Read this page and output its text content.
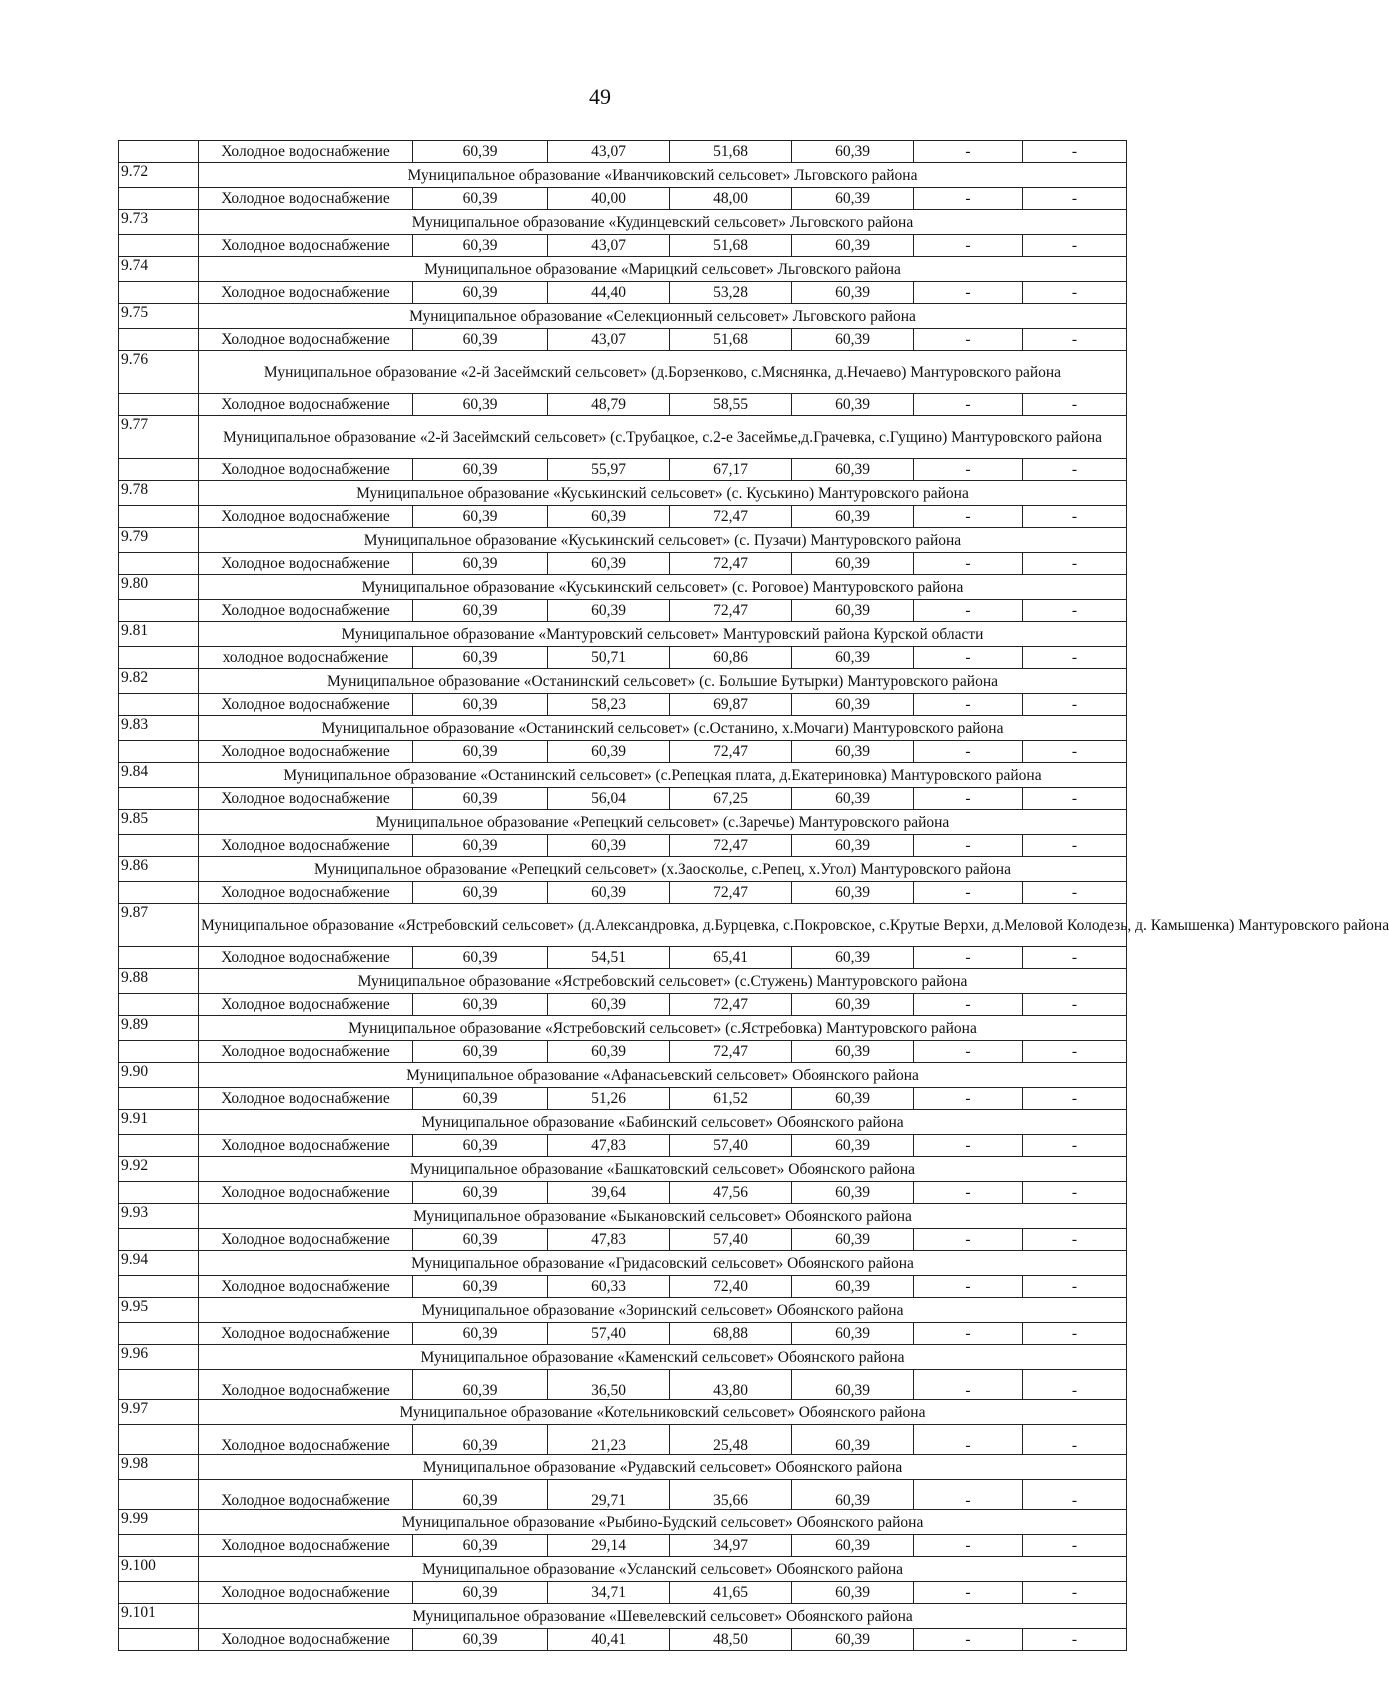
49
	Холодное водоснабжение	60,39	43,07	51,68	60,39	-	-
9.72	Муниципальное образование «Иванчиковский сельсовет» Льговского района						
	Холодное водоснабжение	60,39	40,00	48,00	60,39	-	-
9.73	Муниципальное образование «Кудинцевский сельсовет» Льговского района						
	Холодное водоснабжение	60,39	43,07	51,68	60,39	-	-
9.74	Муниципальное образование «Марицкий сельсовет» Льговского района						
	Холодное водоснабжение	60,39	44,40	53,28	60,39	-	-
9.75	Муниципальное образование «Селекционный сельсовет» Льговского района						
	Холодное водоснабжение	60,39	43,07	51,68	60,39	-	-
9.76	Муниципальное образование «2-й Засеймский сельсовет» (д.Борзенково, с.Мяснянка, д.Нечаево) Мантуровского района						
	Холодное водоснабжение	60,39	48,79	58,55	60,39	-	-
9.77	Муниципальное образование «2-й Засеймский сельсовет» (с.Трубацкое, с.2-е Засеймье,д.Грачевка, с.Гущино) Мантуровского района						
	Холодное водоснабжение	60,39	55,97	67,17	60,39	-	-
9.78	Муниципальное образование «Куськинский сельсовет» (с. Куськино) Мантуровского района						
	Холодное водоснабжение	60,39	60,39	72,47	60,39	-	-
9.79	Муниципальное образование «Куськинский сельсовет» (с. Пузачи) Мантуровского района						
	Холодное водоснабжение	60,39	60,39	72,47	60,39	-	-
9.80	Муниципальное образование «Куськинский сельсовет» (с. Роговое) Мантуровского района						
	Холодное водоснабжение	60,39	60,39	72,47	60,39	-	-
9.81	Муниципальное образование «Мантуровский сельсовет» Мантуровский района Курской области						
	холодное водоснабжение	60,39	50,71	60,86	60,39	-	-
9.82	Муниципальное образование «Останинский сельсовет» (с. Большие Бутырки) Мантуровского района						
	Холодное водоснабжение	60,39	58,23	69,87	60,39	-	-
9.83	Муниципальное образование «Останинский сельсовет» (с.Останино, х.Мочаги) Мантуровского района						
	Холодное водоснабжение	60,39	60,39	72,47	60,39	-	-
9.84	Муниципальное образование «Останинский сельсовет» (с.Репецкая плата, д.Екатериновка) Мантуровского района						
	Холодное водоснабжение	60,39	56,04	67,25	60,39	-	-
9.85	Муниципальное образование «Репецкий сельсовет» (с.Заречье) Мантуровского района						
	Холодное водоснабжение	60,39	60,39	72,47	60,39	-	-
9.86	Муниципальное образование «Репецкий сельсовет» (х.Заосколье, с.Репец, х.Угол) Мантуровского района						
	Холодное водоснабжение	60,39	60,39	72,47	60,39	-	-
9.87	Муниципальное образование «Ястребовский сельсовет» (д.Александровка, д.Бурцевка, с.Покровское, с.Крутые Верхи, д.Меловой Колодезь, д. Камышенка) Мантуровского района						
	Холодное водоснабжение	60,39	54,51	65,41	60,39	-	-
9.88	Муниципальное образование «Ястребовский сельсовет» (с.Стужень) Мантуровского района						
	Холодное водоснабжение	60,39	60,39	72,47	60,39	-	-
9.89	Муниципальное образование «Ястребовский сельсовет» (с.Ястребовка) Мантуровского района						
	Холодное водоснабжение	60,39	60,39	72,47	60,39	-	-
9.90	Муниципальное образование «Афанасьевский сельсовет» Обоянского района						
	Холодное водоснабжение	60,39	51,26	61,52	60,39	-	-
9.91	Муниципальное образование «Бабинский сельсовет» Обоянского района						
	Холодное водоснабжение	60,39	47,83	57,40	60,39	-	-
9.92	Муниципальное образование «Башкатовский сельсовет» Обоянского района						
	Холодное водоснабжение	60,39	39,64	47,56	60,39	-	-
9.93	Муниципальное образование «Быкановский сельсовет» Обоянского района						
	Холодное водоснабжение	60,39	47,83	57,40	60,39	-	-
9.94	Муниципальное образование «Гридасовский сельсовет» Обоянского района						
	Холодное водоснабжение	60,39	60,33	72,40	60,39	-	-
9.95	Муниципальное образование «Зоринский сельсовет» Обоянского района						
	Холодное водоснабжение	60,39	57,40	68,88	60,39	-	-
9.96	Муниципальное образование «Каменский сельсовет» Обоянского района						
	Холодное водоснабжение	60,39	36,50	43,80	60,39	-	-
9.97	Муниципальное образование «Котельниковский сельсовет» Обоянского района						
	Холодное водоснабжение	60,39	21,23	25,48	60,39	-	-
9.98	Муниципальное образование «Рудавский сельсовет» Обоянского района						
	Холодное водоснабжение	60,39	29,71	35,66	60,39	-	-
9.99	Муниципальное образование «Рыбино-Будский сельсовет» Обоянского района						
	Холодное водоснабжение	60,39	29,14	34,97	60,39	-	-
9.100	Муниципальное образование «Усланский сельсовет» Обоянского района						
	Холодное водоснабжение	60,39	34,71	41,65	60,39	-	-
9.101	Муниципальное образование «Шевелевский сельсовет» Обоянского района						
	Холодное водоснабжение	60,39	40,41	48,50	60,39	-	-
